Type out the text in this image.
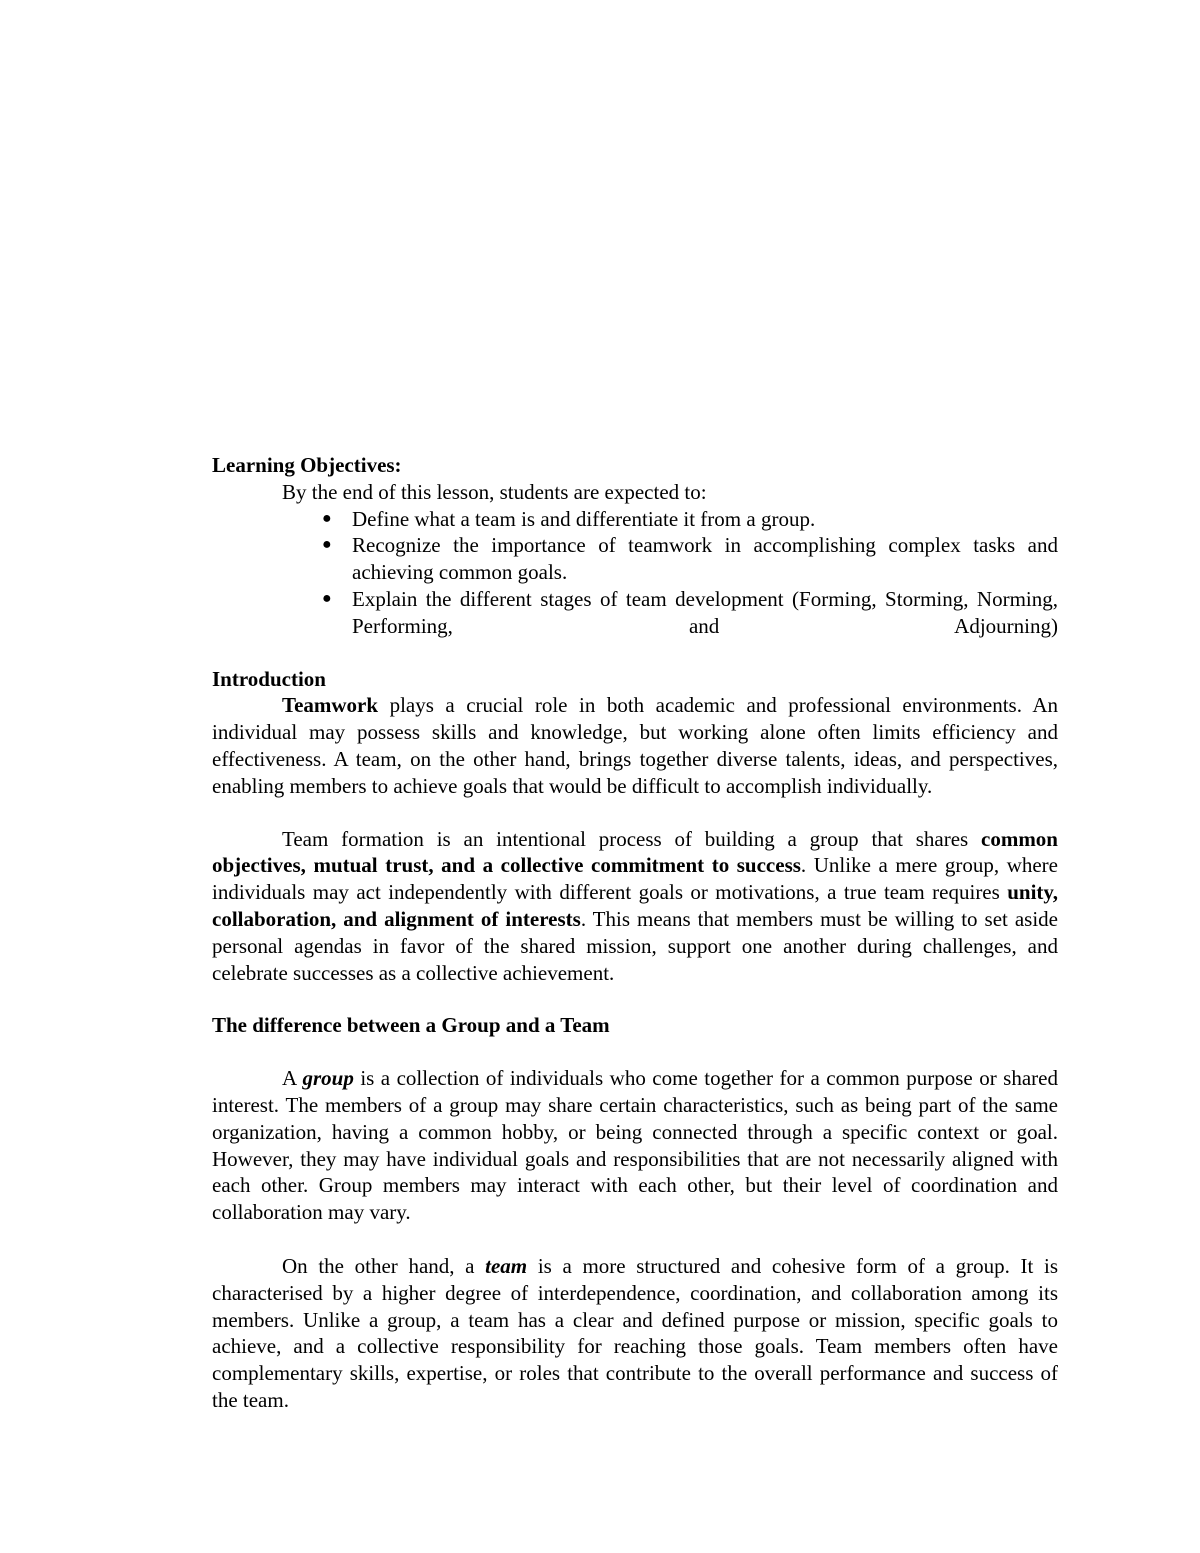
Learning Objectives:

By the end of this lesson, students are expected to:

● Define what a team is and differentiate it from a group.
● Recognize the importance of teamwork in accomplishing complex tasks and achieving common goals.
● Explain the different stages of team development (Forming, Storming, Norming, Performing, and Adjourning)

Introduction

Teamwork plays a crucial role in both academic and professional environments. An individual may possess skills and knowledge, but working alone often limits efficiency and effectiveness. A team, on the other hand, brings together diverse talents, ideas, and perspectives, enabling members to achieve goals that would be difficult to accomplish individually.

Team formation is an intentional process of building a group that shares common objectives, mutual trust, and a collective commitment to success. Unlike a mere group, where individuals may act independently with different goals or motivations, a true team requires unity, collaboration, and alignment of interests. This means that members must be willing to set aside personal agendas in favor of the shared mission, support one another during challenges, and celebrate successes as a collective achievement.

The difference between a Group and a Team

A group is a collection of individuals who come together for a common purpose or shared interest. The members of a group may share certain characteristics, such as being part of the same organization, having a common hobby, or being connected through a specific context or goal. However, they may have individual goals and responsibilities that are not necessarily aligned with each other. Group members may interact with each other, but their level of coordination and collaboration may vary.

On the other hand, a team is a more structured and cohesive form of a group. It is characterised by a higher degree of interdependence, coordination, and collaboration among its members. Unlike a group, a team has a clear and defined purpose or mission, specific goals to achieve, and a collective responsibility for reaching those goals. Team members often have complementary skills, expertise, or roles that contribute to the overall performance and success of the team.
